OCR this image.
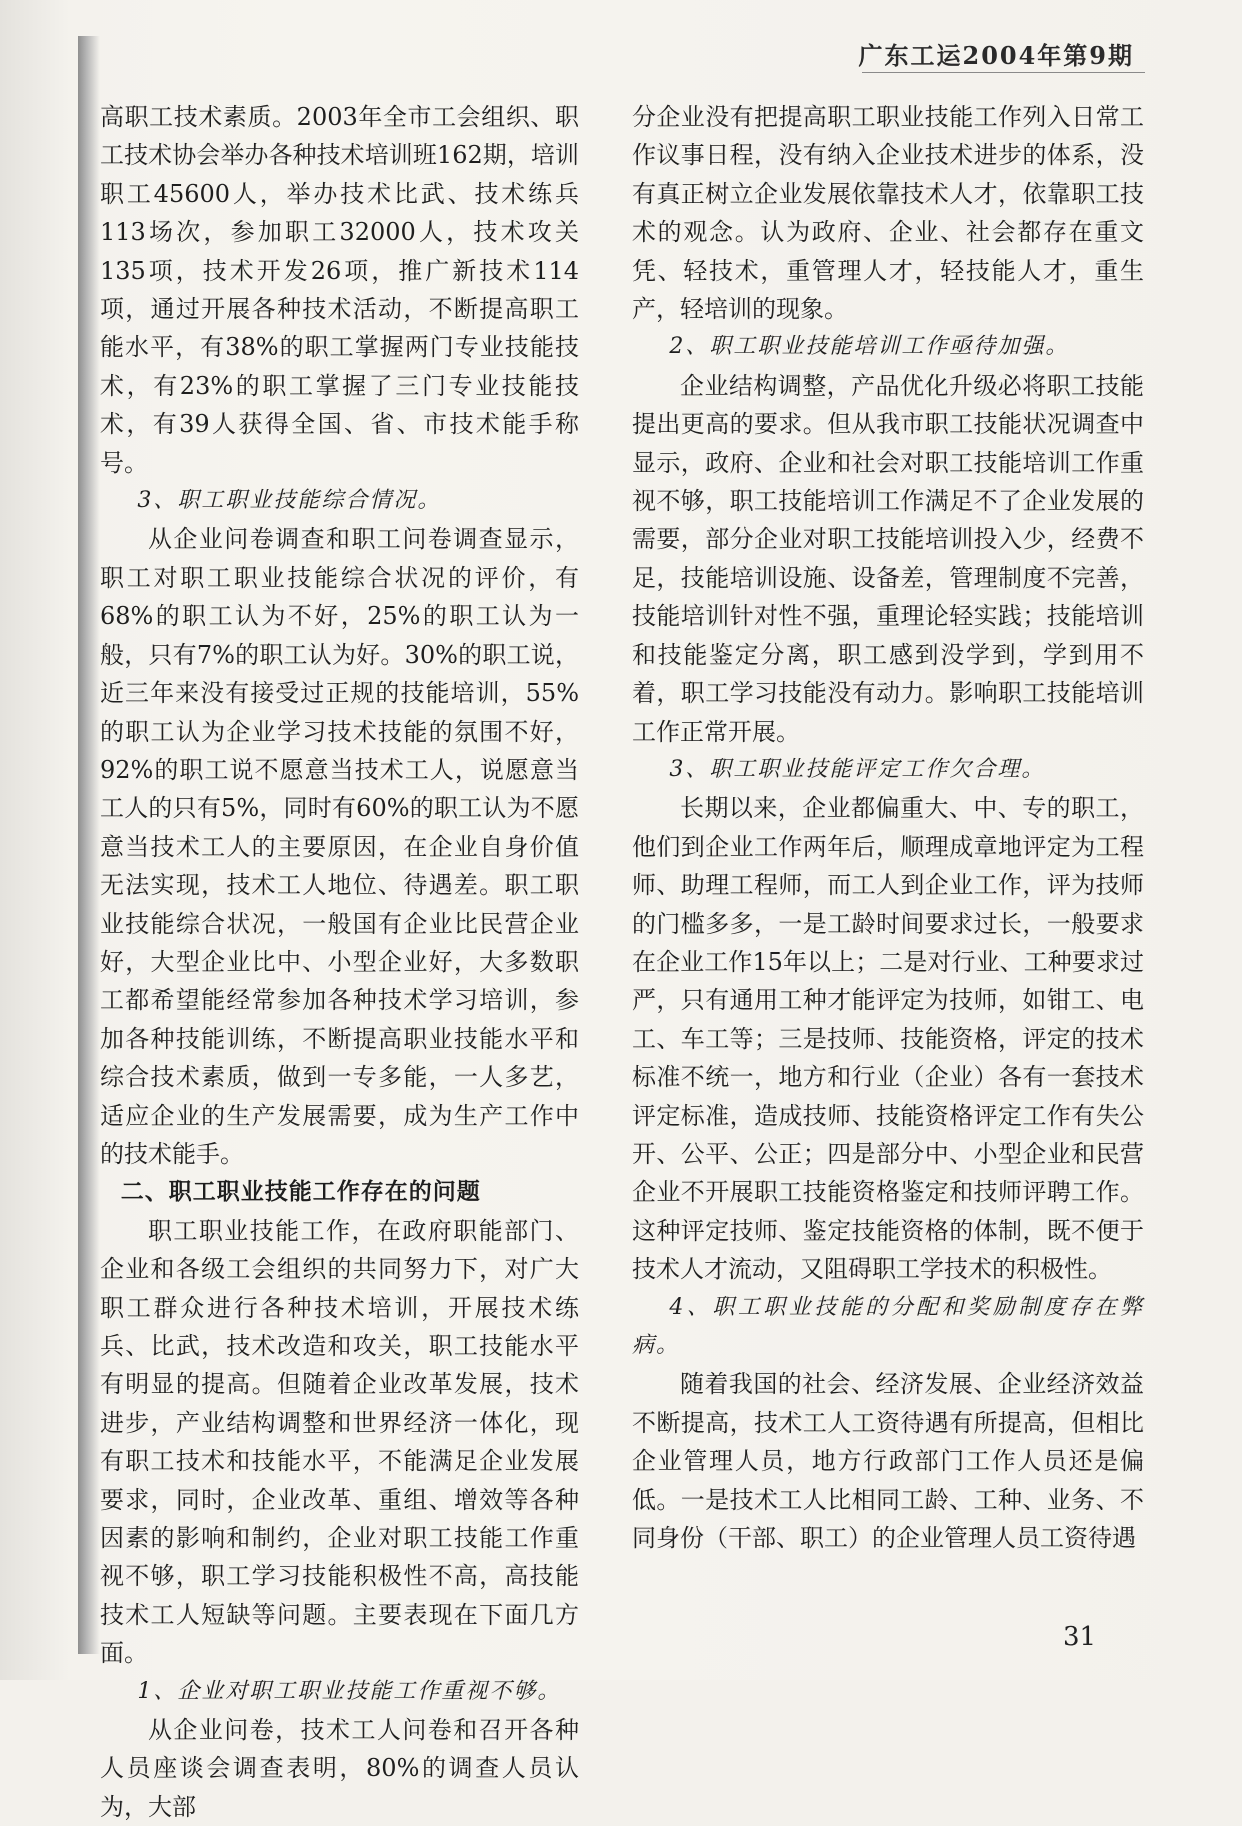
广东工运2004年第9期

高职工技术素质。2003年全市工会组织、职工技术协会举办各种技术培训班162期，培训职工45600人，举办技术比武、技术练兵113场次，参加职工32000人，技术攻关135项，技术开发26项，推广新技术114项，通过开展各种技术活动，不断提高职工能水平，有38%的职工掌握两门专业技能技术，有23%的职工掌握了三门专业技能技术，有39人获得全国、省、市技术能手称号。

3、职工职业技能综合情况。

从企业问卷调查和职工问卷调查显示，职工对职工职业技能综合状况的评价，有68%的职工认为不好，25%的职工认为一般，只有7%的职工认为好。30%的职工说，近三年来没有接受过正规的技能培训，55%的职工认为企业学习技术技能的氛围不好，92%的职工说不愿意当技术工人，说愿意当工人的只有5%，同时有60%的职工认为不愿意当技术工人的主要原因，在企业自身价值无法实现，技术工人地位、待遇差。职工职业技能综合状况，一般国有企业比民营企业好，大型企业比中、小型企业好，大多数职工都希望能经常参加各种技术学习培训，参加各种技能训练，不断提高职业技能水平和综合技术素质，做到一专多能，一人多艺，适应企业的生产发展需要，成为生产工作中的技术能手。

二、职工职业技能工作存在的问题

职工职业技能工作，在政府职能部门、企业和各级工会组织的共同努力下，对广大职工群众进行各种技术培训，开展技术练兵、比武，技术改造和攻关，职工技能水平有明显的提高。但随着企业改革发展，技术进步，产业结构调整和世界经济一体化，现有职工技术和技能水平，不能满足企业发展要求，同时，企业改革、重组、增效等各种因素的影响和制约，企业对职工技能工作重视不够，职工学习技能积极性不高，高技能技术工人短缺等问题。主要表现在下面几方面。

1、企业对职工职业技能工作重视不够。

从企业问卷，技术工人问卷和召开各种人员座谈会调查表明，80%的调查人员认为，大部

分企业没有把提高职工职业技能工作列入日常工作议事日程，没有纳入企业技术进步的体系，没有真正树立企业发展依靠技术人才，依靠职工技术的观念。认为政府、企业、社会都存在重文凭、轻技术，重管理人才，轻技能人才，重生产，轻培训的现象。

2、职工职业技能培训工作亟待加强。

企业结构调整，产品优化升级必将职工技能提出更高的要求。但从我市职工技能状况调查中显示，政府、企业和社会对职工技能培训工作重视不够，职工技能培训工作满足不了企业发展的需要，部分企业对职工技能培训投入少，经费不足，技能培训设施、设备差，管理制度不完善，技能培训针对性不强，重理论轻实践；技能培训和技能鉴定分离，职工感到没学到，学到用不着，职工学习技能没有动力。影响职工技能培训工作正常开展。

3、职工职业技能评定工作欠合理。

长期以来，企业都偏重大、中、专的职工，他们到企业工作两年后，顺理成章地评定为工程师、助理工程师，而工人到企业工作，评为技师的门槛多多，一是工龄时间要求过长，一般要求在企业工作15年以上；二是对行业、工种要求过严，只有通用工种才能评定为技师，如钳工、电工、车工等；三是技师、技能资格，评定的技术标准不统一，地方和行业（企业）各有一套技术评定标准，造成技师、技能资格评定工作有失公开、公平、公正；四是部分中、小型企业和民营企业不开展职工技能资格鉴定和技师评聘工作。这种评定技师、鉴定技能资格的体制，既不便于技术人才流动，又阻碍职工学技术的积极性。

4、职工职业技能的分配和奖励制度存在弊病。

随着我国的社会、经济发展、企业经济效益不断提高，技术工人工资待遇有所提高，但相比企业管理人员，地方行政部门工作人员还是偏低。一是技术工人比相同工龄、工种、业务、不同身份（干部、职工）的企业管理人员工资待遇

31
